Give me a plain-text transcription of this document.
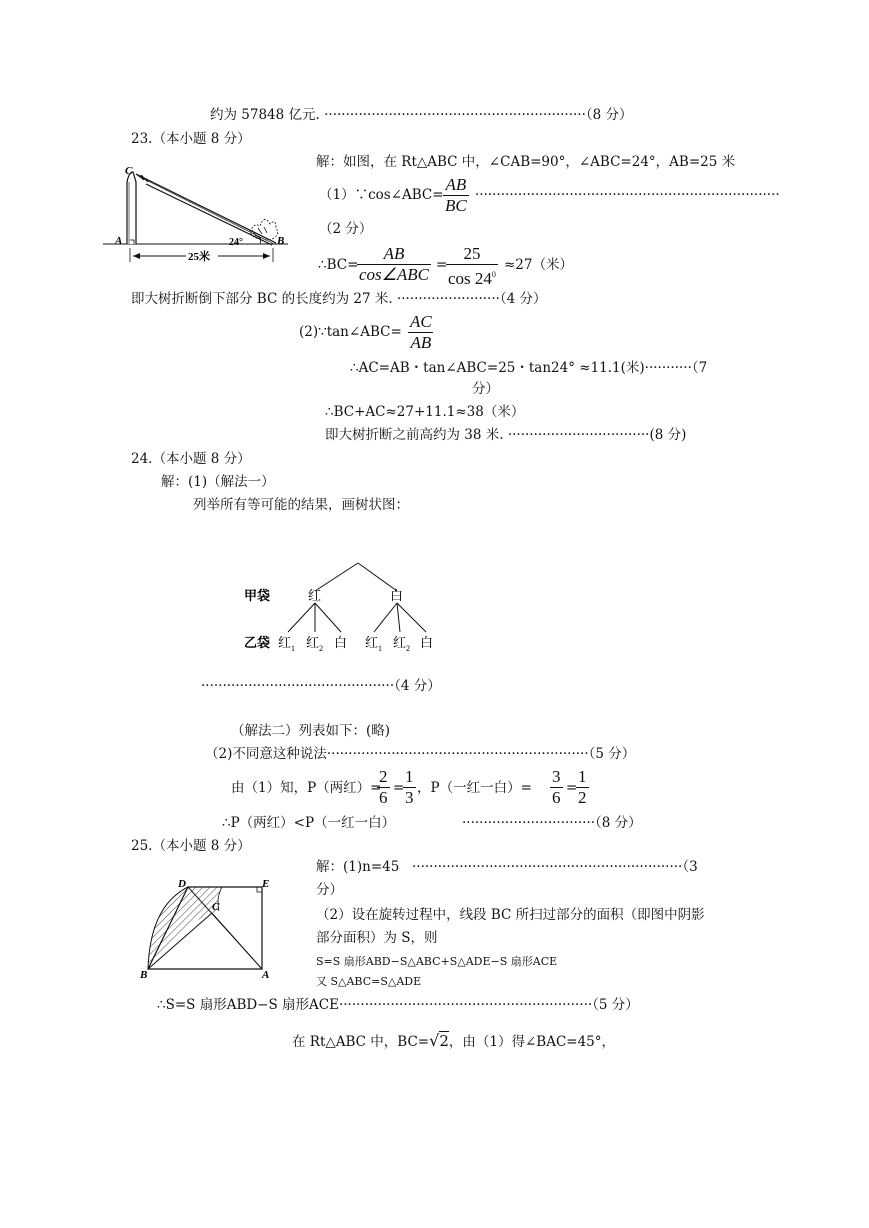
约为 57848 亿元. ·····························································（8 分）
23.（本小题 8 分）
C
A	B
24°
25米
解：如图，在 Rt△ABC 中，∠CAB=90°，∠ABC=24°，AB=25 米
（1）∵cos∠ABC= $\frac{AB}{BC}$ ·······································································
（2 分）
∴BC=
AB
cos∠ABC =
$\frac{25}{\cos 24^0} \approx 27$（米）
即大树折断倒下部分 BC 的长度约为 27 米. ························（4 分）
(2)∵tan∠ABC= $\frac{AC}{AB}$
∴AC=AB・tan∠ABC=25・tan24° ≈11.1(米)···········（7
分）
∴BC+AC≈27+11.1≈38（米）
即大树折断之前高约为 38 米. ·································(8 分)
24.（本小题 8 分）
解：(1)（解法一）
列举所有等可能的结果，画树状图：
甲袋
乙袋
红	白
红$_1$ 红$_2$ 白 红$_1$ 红$_2$ 白
·············································（4 分）
（解法二）列表如下：(略)
（2)不同意这种说法·····························································（5 分）
由（1）知，P（两红）=
$\frac{2}{6}$ =
$\frac{1}{3}$ ，P（一红一白）= $\frac{3}{6}$ =
$\frac{1}{2}$
∴P（两红）<P（一红一白）	·······························（8 分）
25.（本小题 8 分）
D	E
C
B	A
解：(1)n=45 ·······························································（3
分）
（2）设在旋转过程中，线段 BC 所扫过部分的面积（即图中阴影
部分面积）为 S，则
S=S 扇形ABD−S△ABC+S△ADE−S 扇形ACE
又 S△ABC=S△ADE
∴S=S 扇形ABD−S 扇形ACE···························································（5 分）
在 Rt△ABC 中，BC=√2，由（1）得∠BAC=45°，
